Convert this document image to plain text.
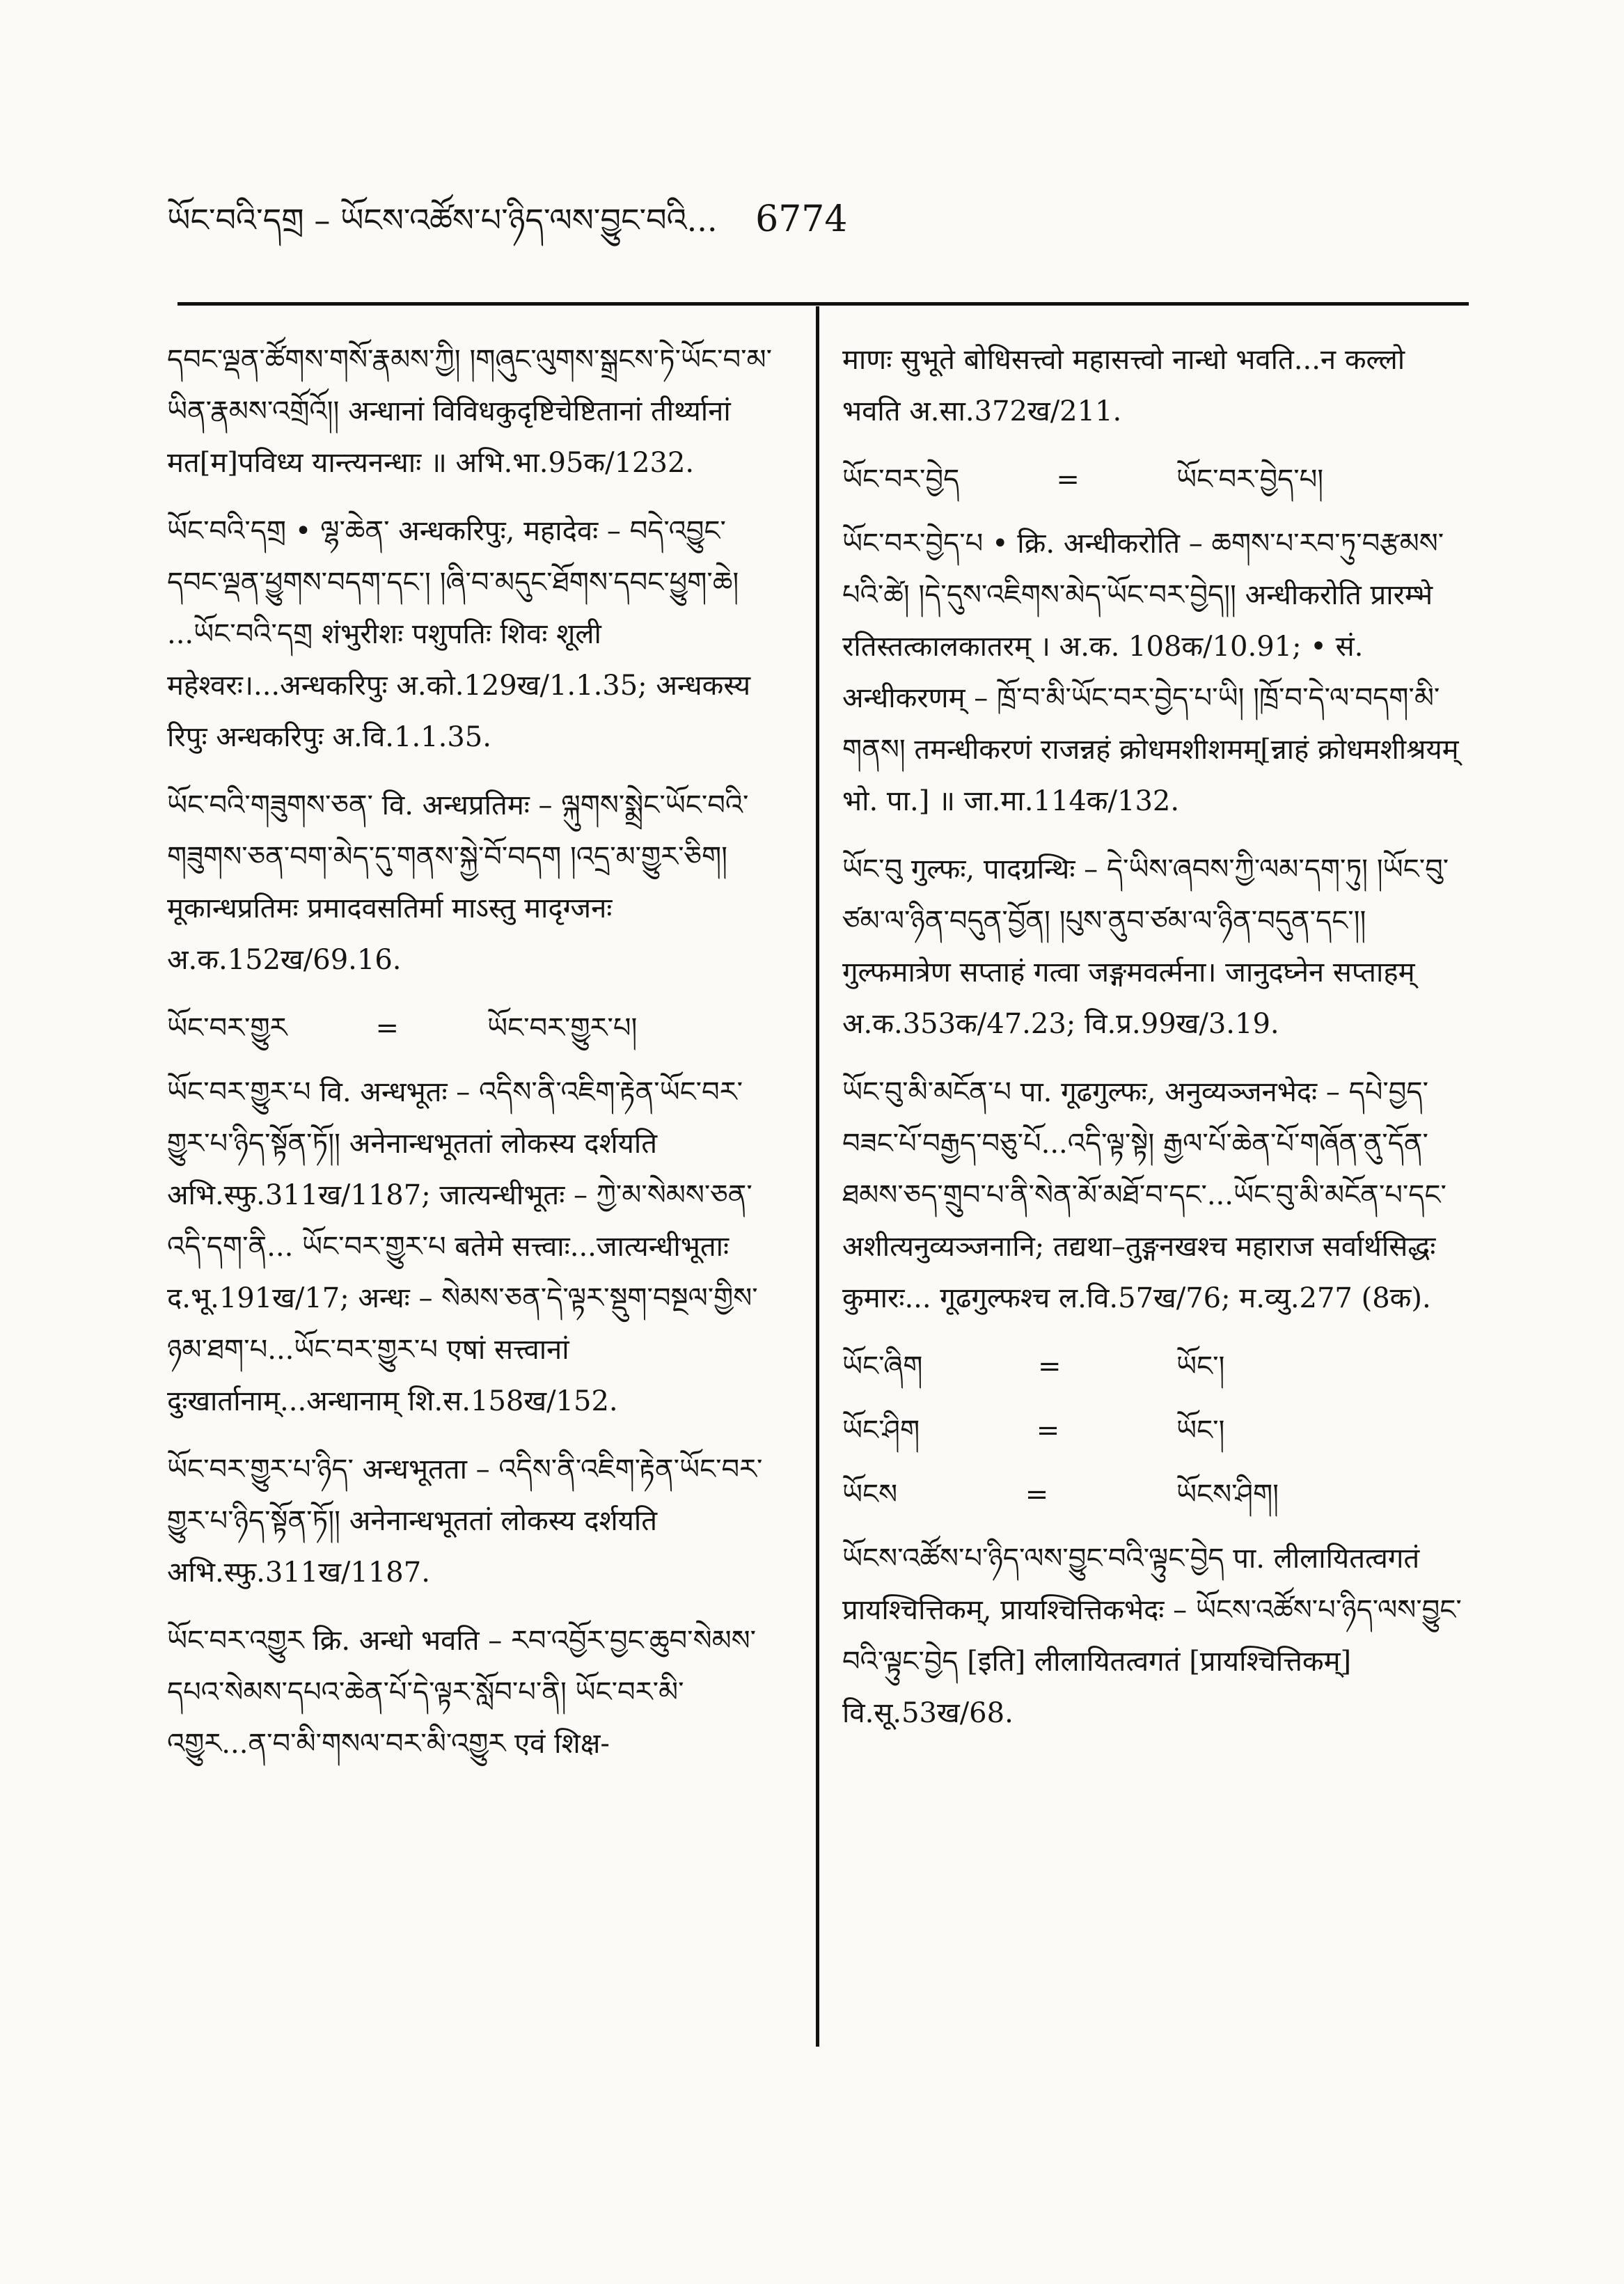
ཡོང་བའི་དགྲ – ཡོངས་འཚོས་པ་ཉིད་ལས་བྱུང་བའི... 6774
དབང་ལྡན་ཚོགས་གསོ་རྣམས་ཀྱི། །གཞུང་ལུགས་སྒྲངས་ཏེ་ཡོང་བ་མ་ཡིན་རྣམས་འགྲོའོ།། अन्धानां विविधकुदृष्टिचेष्टितानां तीर्थ्यानां मत[म]पविध्य यान्त्यनन्धाः ॥ अभि.भा.95क/1232.
ཡོང་བའི་དགྲ • ལྷ་ཆེན་ अन्धकरिपुः, महादेवः – བདེ་འབྱུང་དབང་ལྡན་ཕྱུགས་བདག་དང་། །ཞི་བ་མདུང་ཐོགས་དབང་ཕྱུག་ཆེ། ...ཡོང་བའི་དགྲ शंभुरीशः पशुपतिः शिवः शूली महेश्वरः।...अन्धकरिपुः अ.को.129ख/1.1.35; अन्धकस्य रिपुः अन्धकरिपुः अ.वि.1.1.35.
ཡོང་བའི་གཟུགས་ཅན་ वि. अन्धप्रतिमः – ལྐུགས་སྨྲེང་ཡོང་བའི་གཟུགས་ཅན་བག་མེད་དུ་གནས་སྐྱེ་བོ་བདག །འདྲ་མ་གྱུར་ཅིག། मूकान्धप्रतिमः प्रमादवसतिर्मा माऽस्तु मादृग्जनः अ.क.152ख/69.16.
ཡོང་བར་གྱུར	=	ཡོང་བར་གྱུར་པ།
ཡོང་བར་གྱུར་པ वि. अन्धभूतः – འདིས་ནི་འཇིག་རྟེན་ཡོང་བར་གྱུར་པ་ཉིད་སྟོན་ཏོ།། अनेनान्धभूततां लोकस्य दर्शयति अभि.स्फु.311ख/1187; जात्यन्धीभूतः – ཀྱེ་མ་སེམས་ཅན་འདི་དག་ནི... ཡོང་བར་གྱུར་པ बतेमे सत्त्वाः...जात्यन्धीभूताः द.भू.191ख/17; अन्धः – སེམས་ཅན་དེ་ལྟར་སྡུག་བསྔལ་གྱིས་ཉམ་ཐག་པ...ཡོང་བར་གྱུར་པ एषां सत्त्वानां दुःखार्तानाम्...अन्धानाम् शि.स.158ख/152.
ཡོང་བར་གྱུར་པ་ཉིད་ अन्धभूतता – འདིས་ནི་འཇིག་རྟེན་ཡོང་བར་གྱུར་པ་ཉིད་སྟོན་ཏོ།། अनेनान्धभूततां लोकस्य दर्शयति अभि.स्फु.311ख/1187.
ཡོང་བར་འགྱུར क्रि. अन्धो भवति – རབ་འབྱོར་བྱང་ཆུབ་སེམས་དཔའ་སེམས་དཔའ་ཆེན་པོ་དེ་ལྟར་སློབ་པ་ནི། ཡོང་བར་མི་འགྱུར...ན་བ་མི་གསལ་བར་མི་འགྱུར एवं शिक्ष-
माणः सुभूते बोधिसत्त्वो महासत्त्वो नान्धो भवति...न कल्लो भवति अ.सा.372ख/211.
ཡོང་བར་བྱེད	=	ཡོང་བར་བྱེད་པ།
ཡོང་བར་བྱེད་པ • क्रि. अन्धीकरोति – ཆགས་པ་རབ་ཏུ་བརྩམས་པའི་ཚེ། །དེ་དུས་འཇིགས་མེད་ཡོང་བར་བྱེད།། अन्धीकरोति प्रारम्भे रतिस्तत्कालकातरम् । अ.क. 108क/10.91; • सं. अन्धीकरणम् – ཁྲོ་བ་མི་ཡོང་བར་བྱེད་པ་ཡི། །ཁྲོ་བ་དེ་ལ་བདག་མི་གནས། तमन्धीकरणं राजन्नहं क्रोधमशीशमम्[न्नाहं क्रोधमशीश्रयम् भो. पा.] ॥ जा.मा.114क/132.
ཡོང་བུ गुल्फः, पादग्रन्थिः – དེ་ཡིས་ཞབས་ཀྱི་ལམ་དག་ཏུ། །ཡོང་བུ་ཙམ་ལ་ཉིན་བདུན་བྱོན། །པུས་ནུབ་ཙམ་ལ་ཉིན་བདུན་དང་།། गुल्फमात्रेण सप्ताहं गत्वा जङ्गमवर्त्मना। जानुदघ्नेन सप्ताहम् अ.क.353क/47.23; वि.प्र.99ख/3.19.
ཡོང་བུ་མི་མངོན་པ पा. गूढगुल्फः, अनुव्यञ्जनभेदः – དཔེ་བྱད་བཟང་པོ་བརྒྱད་བཅུ་པོ...འདི་ལྟ་སྟེ། རྒྱལ་པོ་ཆེན་པོ་གཞོན་ནུ་དོན་ཐམས་ཅད་གྲུབ་པ་ནི་སེན་མོ་མཐོ་བ་དང་...ཡོང་བུ་མི་མངོན་པ་དང་ अशीत्यनुव्यञ्जनानि; तद्यथा–तुङ्गनखश्च महाराज सर्वार्थसिद्धः कुमारः... गूढगुल्फश्च ल.वि.57ख/76; म.व्यु.277 (8क).
ཡོང་ཞིག	=	ཡོང་།
ཡོང་ཤིག	=	ཡོང་།
ཡོངས	=	ཡོངས་ཤིག།
ཡོངས་འཚོས་པ་ཉིད་ལས་བྱུང་བའི་ལྟུང་བྱེད पा. लीलायितत्वगतं प्रायश्चित्तिकम्, प्रायश्चित्तिकभेदः – ཡོངས་འཚོས་པ་ཉིད་ལས་བྱུང་བའི་ལྟུང་བྱེད [इति] लीलायितत्वगतं [प्रायश्चित्तिकम्] वि.सू.53ख/68.
